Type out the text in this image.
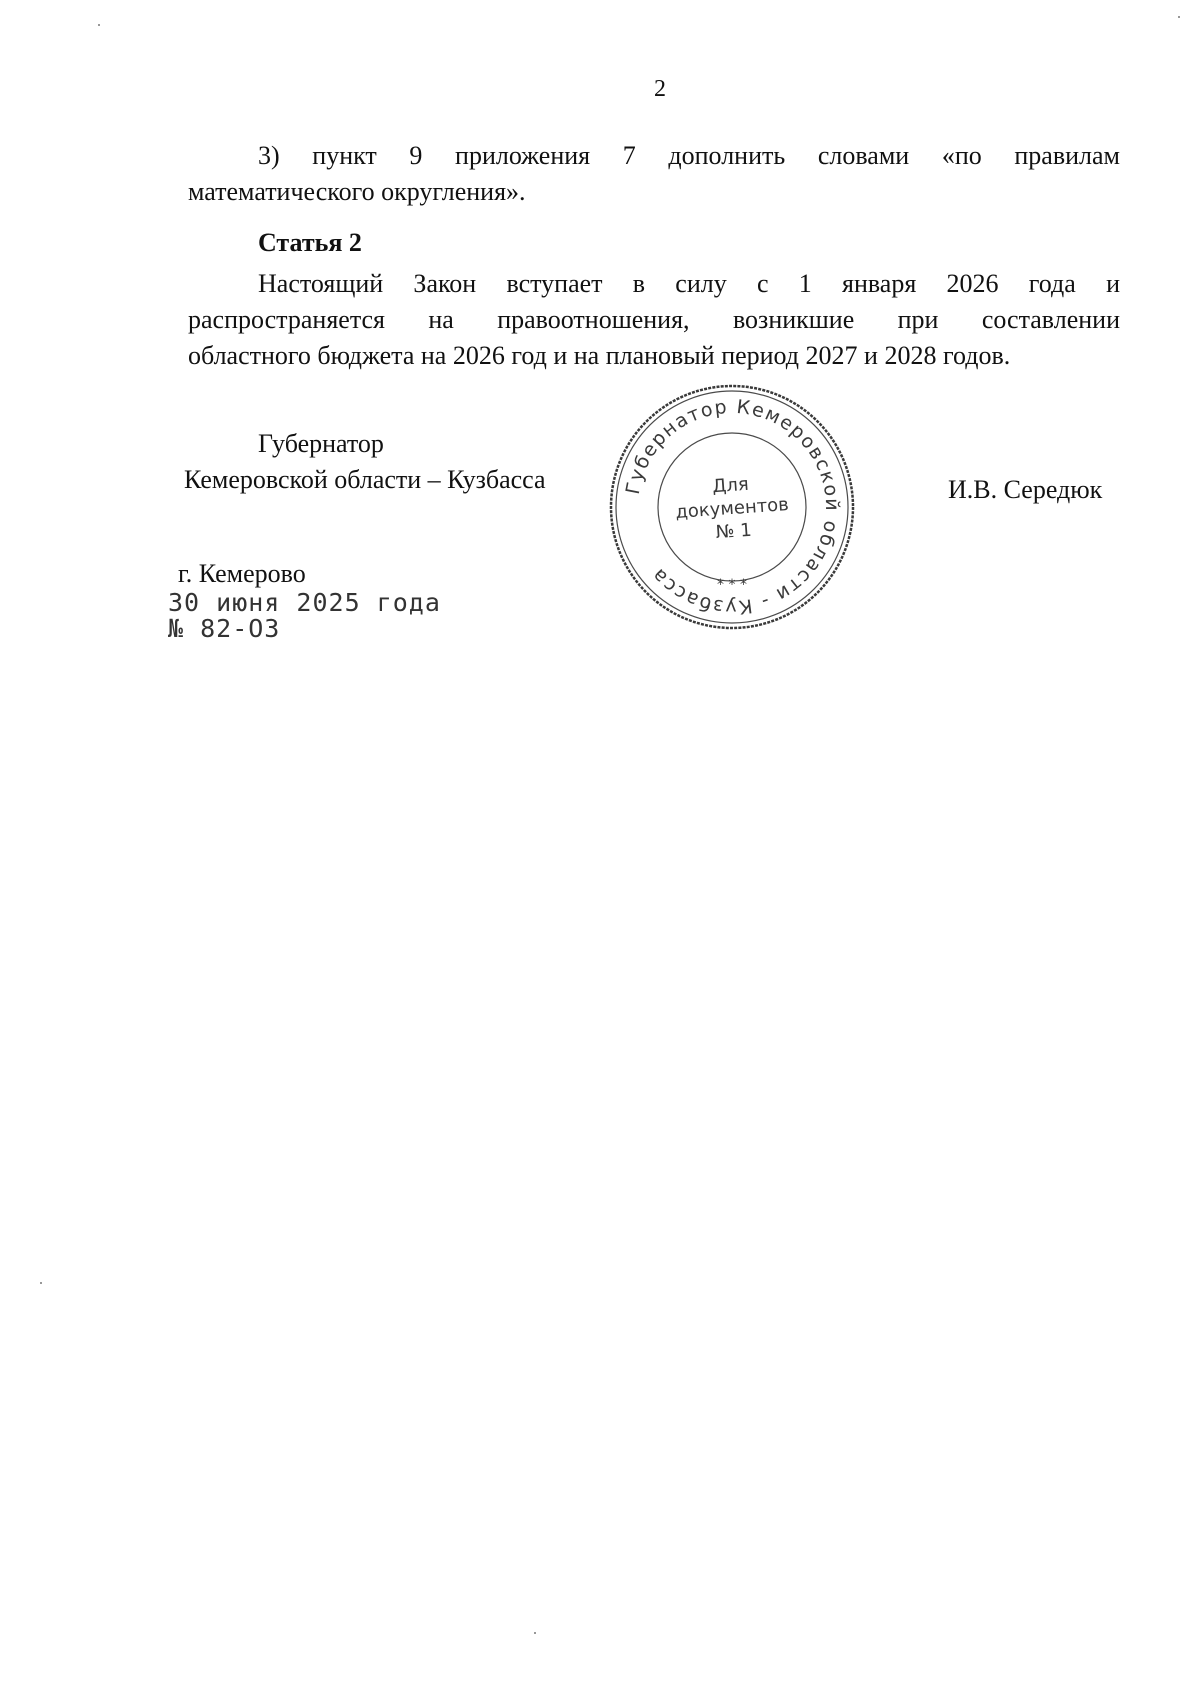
2
3) пункт 9 приложения 7 дополнить словами «по правилам
математического округления».
Статья 2
Настоящий Закон вступает в силу с 1 января 2026 года и
распространяется на правоотношения, возникшие при составлении
областного бюджета на 2026 год и на плановый период 2027 и 2028 годов.
Губернатор
Кемеровской области – Кузбасса	И.В. Середюк
Губернатор Кемеровской области - Кузбасса	* * *
Для
документов
№ 1
г. Кемерово
30 июня 2025 года
№ 82-ОЗ
